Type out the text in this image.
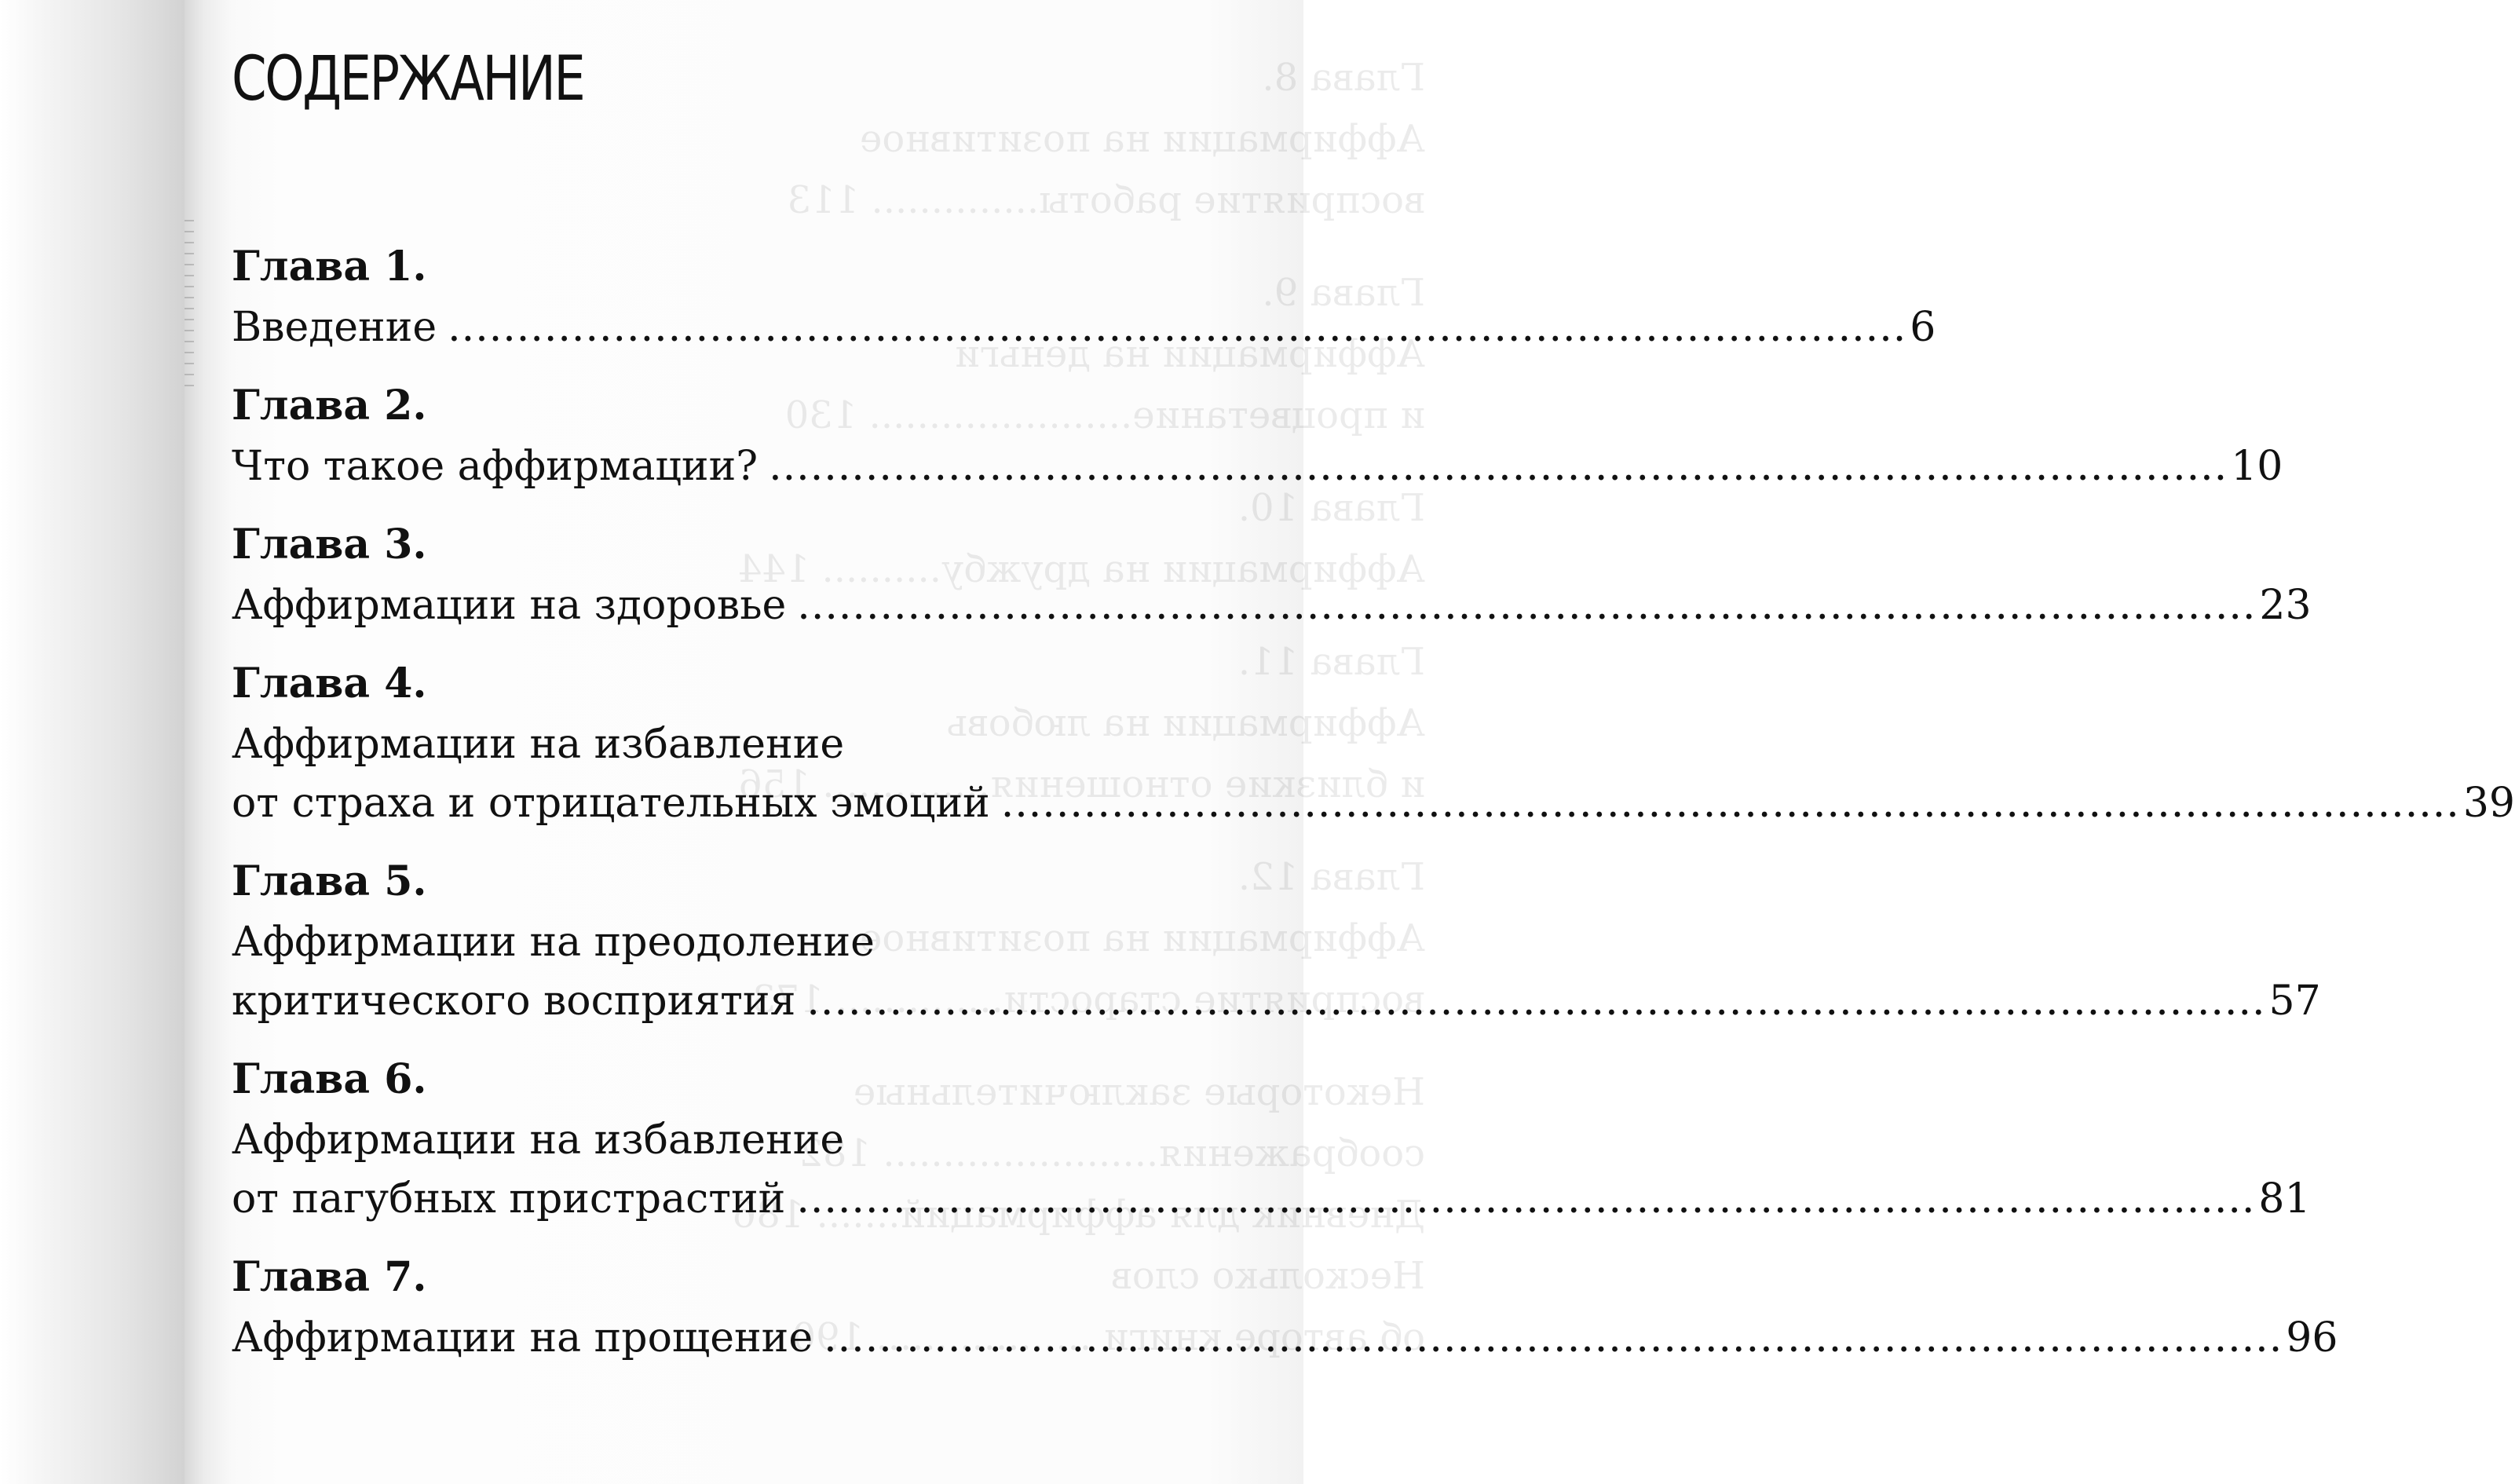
Глава 8.
Аффирмации на позитивное
восприятие работы.............. 113
Глава 9.
Аффирмации на деньги
и процветание...................... 130
Глава 10.
Аффирмации на дружбу.......... 144
Глава 11.
Аффирмации на любовь
и близкие отношения.............. 156
Глава 12.
Аффирмации на позитивное
восприятие старости.............. 173
Некоторые заключительные
соображения....................... 182
Дневник для аффирмаций....... 186
Несколько слов
об авторе книги .................. 190
СОДЕРЖАНИЕ
Глава 1.
Введение .....	6
Глава 2.
Что такое аффирмации? .....	10
Глава 3.
Аффирмации на здоровье .....	23
Глава 4.
Аффирмации на избавление
от страха и отрицательных эмоций .....	39
Глава 5.
Аффирмации на преодоление
критического восприятия .....	57
Глава 6.
Аффирмации на избавление
от пагубных пристрастий .....	81
Глава 7.
Аффирмации на прощение .....	96
